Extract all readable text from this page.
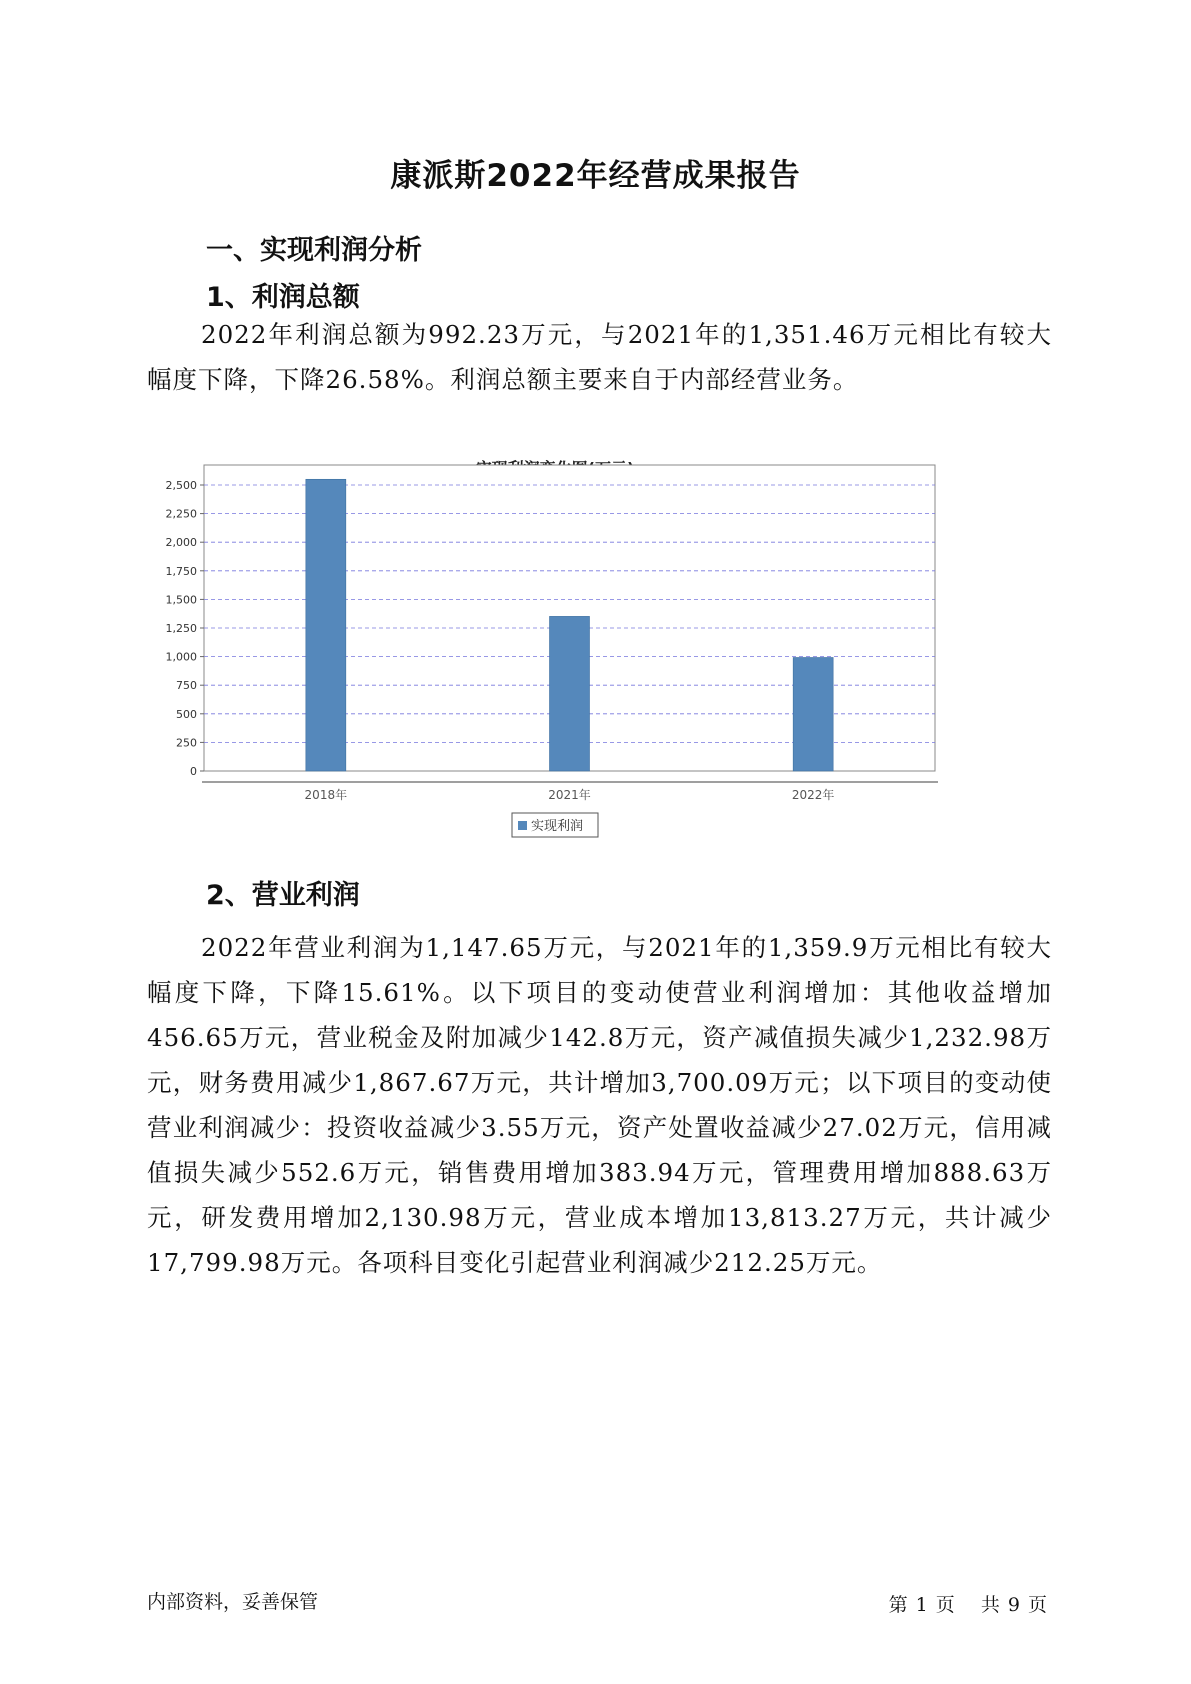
康派斯2022年经营成果报告
一、实现利润分析
1、利润总额

2022年利润总额为992.23万元，与2021年的1,351.46万元相比有较大幅度下降，下降26.58%。利润总额主要来自于内部经营业务。

0
250
500
750
1,000
1,250
1,500
1,750
2,000
2,250
2,500
2018年	2021年	2022年
实现利润
2、营业利润

2022年营业利润为1,147.65万元，与2021年的1,359.9万元相比有较大幅度下降，下降15.61%。以下项目的变动使营业利润增加：其他收益增加456.65万元，营业税金及附加减少142.8万元，资产减值损失减少1,232.98万元，财务费用减少1,867.67万元，共计增加3,700.09万元；以下项目的变动使营业利润减少：投资收益减少3.55万元，资产处置收益减少27.02万元，信用减值损失减少552.6万元，销售费用增加383.94万元，管理费用增加888.63万元，研发费用增加2,130.98万元，营业成本增加13,813.27万元，共计减少17,799.98万元。各项科目变化引起营业利润减少212.25万元。

内部资料，妥善保管	第 1 页 共 9 页
